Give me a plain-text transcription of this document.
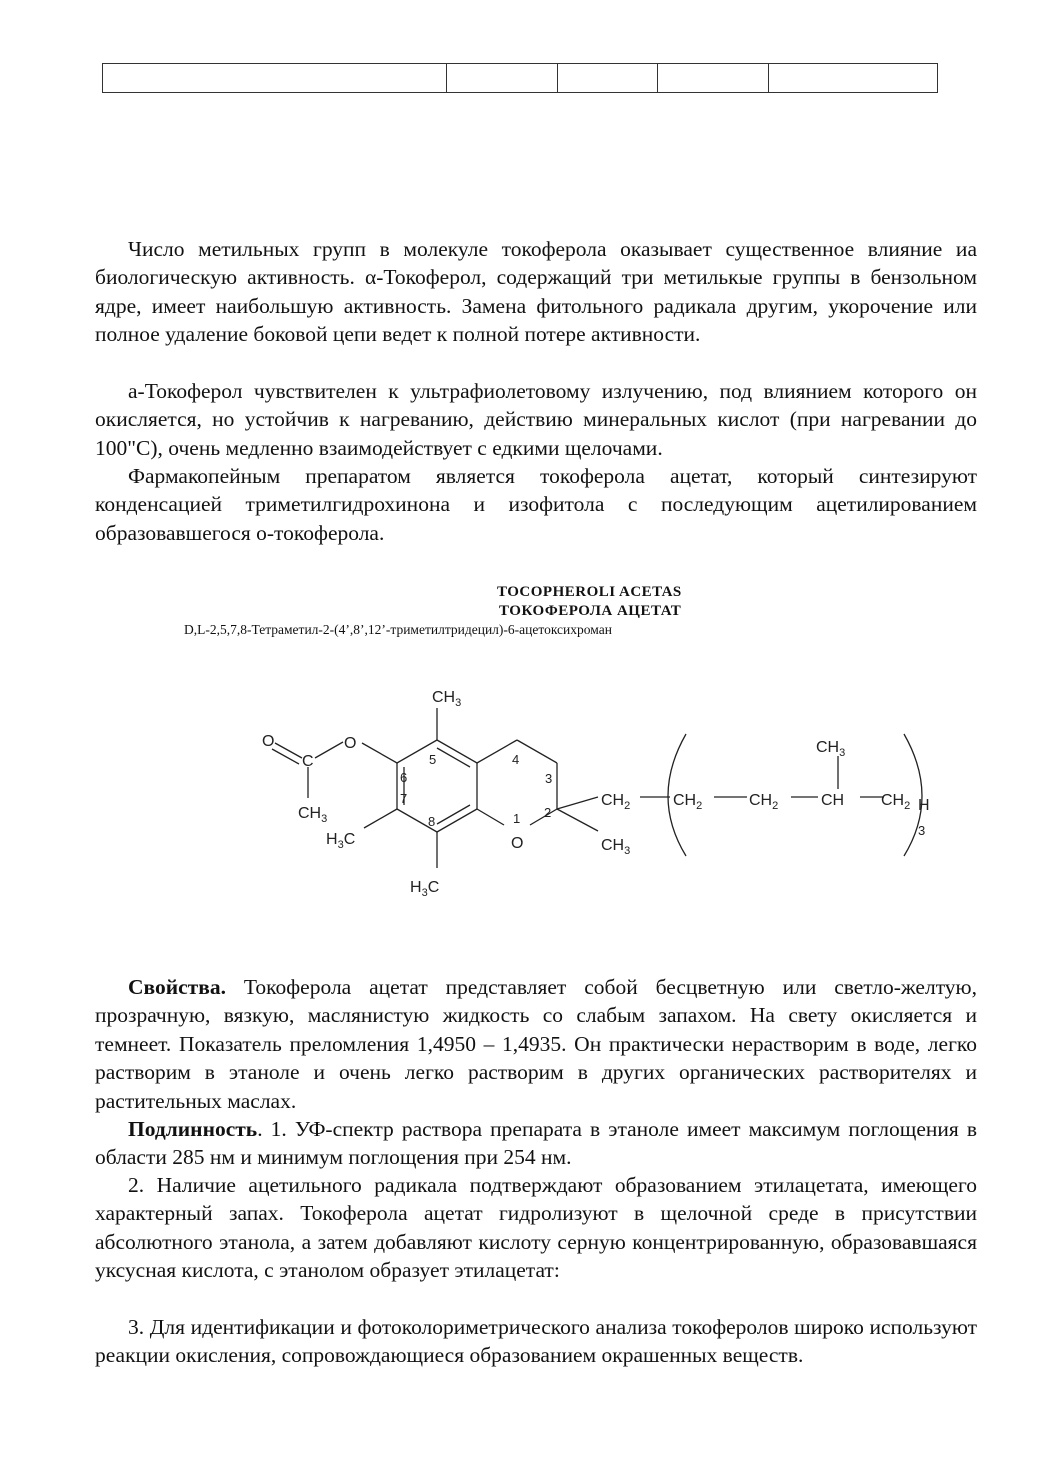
Число метильных групп в молекуле токоферола оказывает существенное влияние иа биологическую активность. α-Токоферол, содержащий три метилькые группы в бензольном ядре, имеет наибольшую активность. Замена фитольного радикала другим, укорочение или полное удаление боковой цепи ведет к полной потере активности.

а-Токоферол чувствителен к ультрафиолетовому излучению, под влиянием которого он окисляется, но устойчив к нагреванию, действию минеральных кислот (при нагревании до 100"С), очень медленно взаимодействует с едкими щелочами.

Фармакопейным препаратом является токоферола ацетат, который синтезируют конденсацией триметилгидрохинона и изофитола с последующим ацетилированием образовавшегося о-токоферола.

TOCOPHEROLI ACETAS
ТОКОФЕРОЛА АЦЕТАТ
D,L-2,5,7,8-Тетраметил-2-(4’,8’,12’-триметилтридецил)-6-ацетоксихроман
$CH_3$
O
O
C
$CH_3$
$H_3C$
$H_3C$
O
$CH_2$	$CH_2$	$CH_2$	CH
$CH_3$
$CH_2$ H
$CH_3$
3
5
6
7
8
4
3
2
1

Свойства. Токоферола ацетат представляет собой бесцветную или светло-желтую, прозрачную, вязкую, маслянистую жидкость со слабым запахом. На свету окисляется и темнеет. Показатель преломления 1,4950 – 1,4935. Он практически нерастворим в воде, легко растворим в этаноле и очень легко растворим в других органических растворителях и растительных маслах.

Подлинность. 1. УФ-спектр раствора препарата в этаноле имеет максимум поглощения в области 285 нм и минимум поглощения при 254 нм.

2. Наличие ацетильного радикала подтверждают образованием этилацетата, имеющего характерный запах. Токоферола ацетат гидролизуют в щелочной среде в присутствии абсолютного этанола, а затем добавляют кислоту серную концентрированную, образовавшаяся уксусная кислота, с этанолом образует этилацетат:

3. Для идентификации и фотоколориметрического анализа токоферолов широко используют реакции окисления, сопровождающиеся образованием окрашенных веществ.
